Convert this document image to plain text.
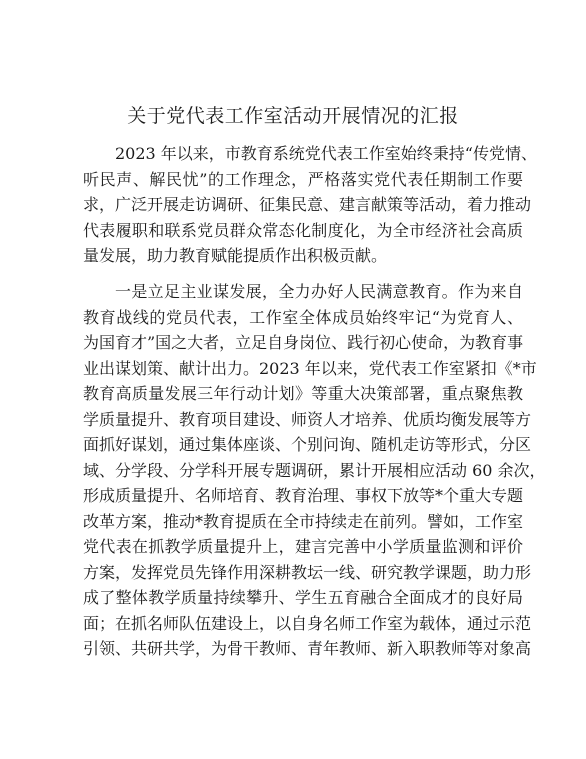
关于党代表工作室活动开展情况的汇报
2023 年以来，市教育系统党代表工作室始终秉持“传党情、
听民声、解民忧”的工作理念，严格落实党代表任期制工作要
求，广泛开展走访调研、征集民意、建言献策等活动，着力推动
代表履职和联系党员群众常态化制度化，为全市经济社会高质
量发展，助力教育赋能提质作出积极贡献。
一是立足主业谋发展，全力办好人民满意教育。作为来自
教育战线的党员代表，工作室全体成员始终牢记“为党育人、
为国育才”国之大者，立足自身岗位、践行初心使命，为教育事
业出谋划策、献计出力。2023 年以来，党代表工作室紧扣《*市
教育高质量发展三年行动计划》等重大决策部署，重点聚焦教
学质量提升、教育项目建设、师资人才培养、优质均衡发展等方
面抓好谋划，通过集体座谈、个别问询、随机走访等形式，分区
域、分学段、分学科开展专题调研，累计开展相应活动 60 余次，
形成质量提升、名师培育、教育治理、事权下放等*个重大专题
改革方案，推动*教育提质在全市持续走在前列。譬如，工作室
党代表在抓教学质量提升上，建言完善中小学质量监测和评价
方案，发挥党员先锋作用深耕教坛一线、研究教学课题，助力形
成了整体教学质量持续攀升、学生五育融合全面成才的良好局
面；在抓名师队伍建设上，以自身名师工作室为载体，通过示范
引领、共研共学，为骨干教师、青年教师、新入职教师等对象高
